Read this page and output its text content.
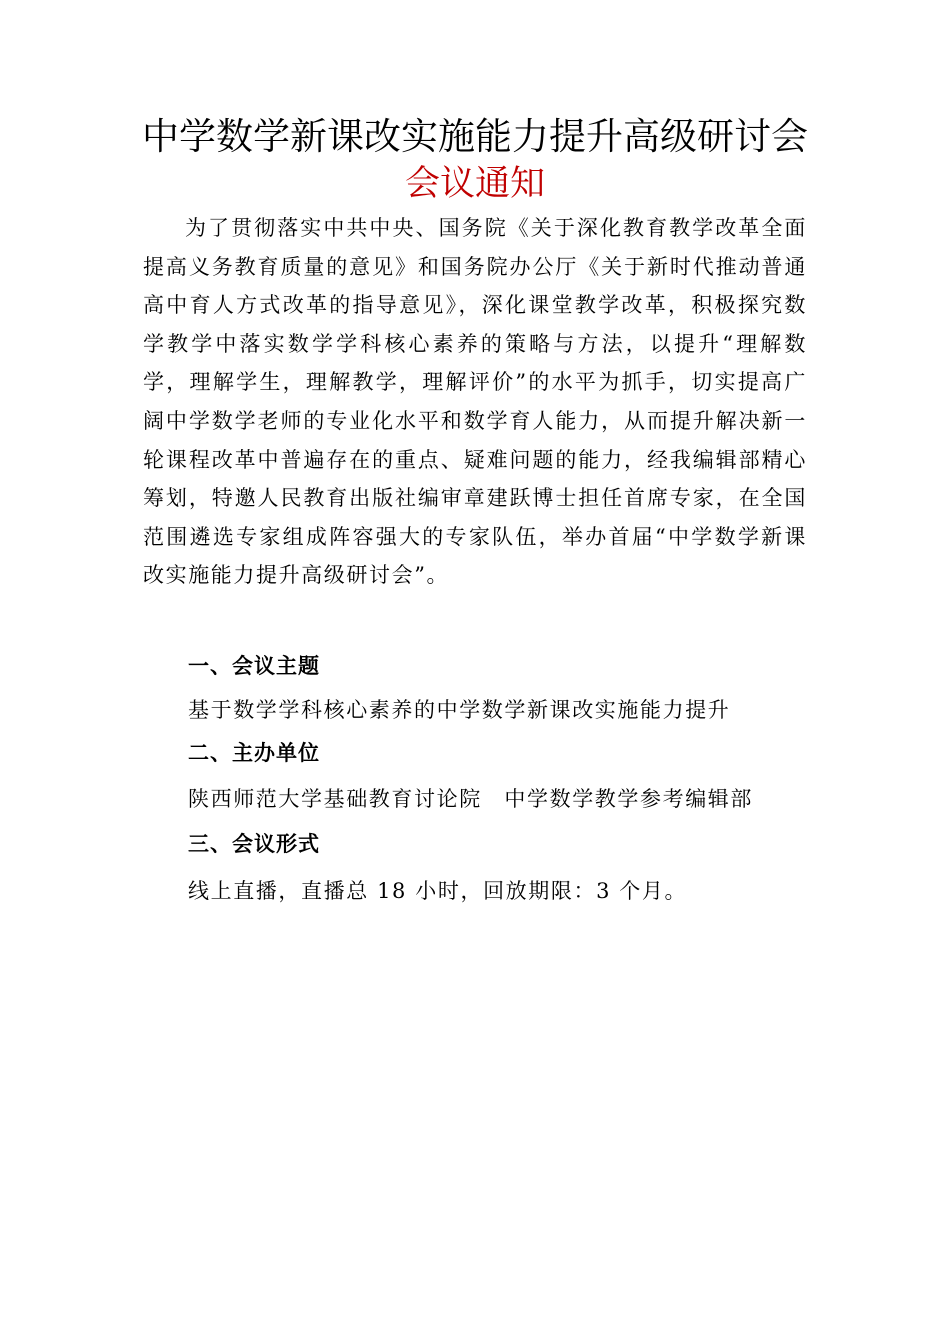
中学数学新课改实施能力提升高级研讨会
会议通知

为了贯彻落实中共中央、国务院《关于深化教育教学改革全面提高义务教育质量的意见》和国务院办公厅《关于新时代推动普通高中育人方式改革的指导意见》，深化课堂教学改革，积极探究数学教学中落实数学学科核心素养的策略与方法，以提升“理解数学，理解学生，理解教学，理解评价”的水平为抓手，切实提高广阔中学数学老师的专业化水平和数学育人能力，从而提升解决新一轮课程改革中普遍存在的重点、疑难问题的能力，经我编辑部精心筹划，特邀人民教育出版社编审章建跃博士担任首席专家，在全国范围遴选专家组成阵容强大的专家队伍，举办首届“中学数学新课改实施能力提升高级研讨会”。

一、会议主题
基于数学学科核心素养的中学数学新课改实施能力提升
二、主办单位
陕西师范大学基础教育讨论院　中学数学教学参考编辑部
三、会议形式
线上直播，直播总 18 小时，回放期限：3 个月。
